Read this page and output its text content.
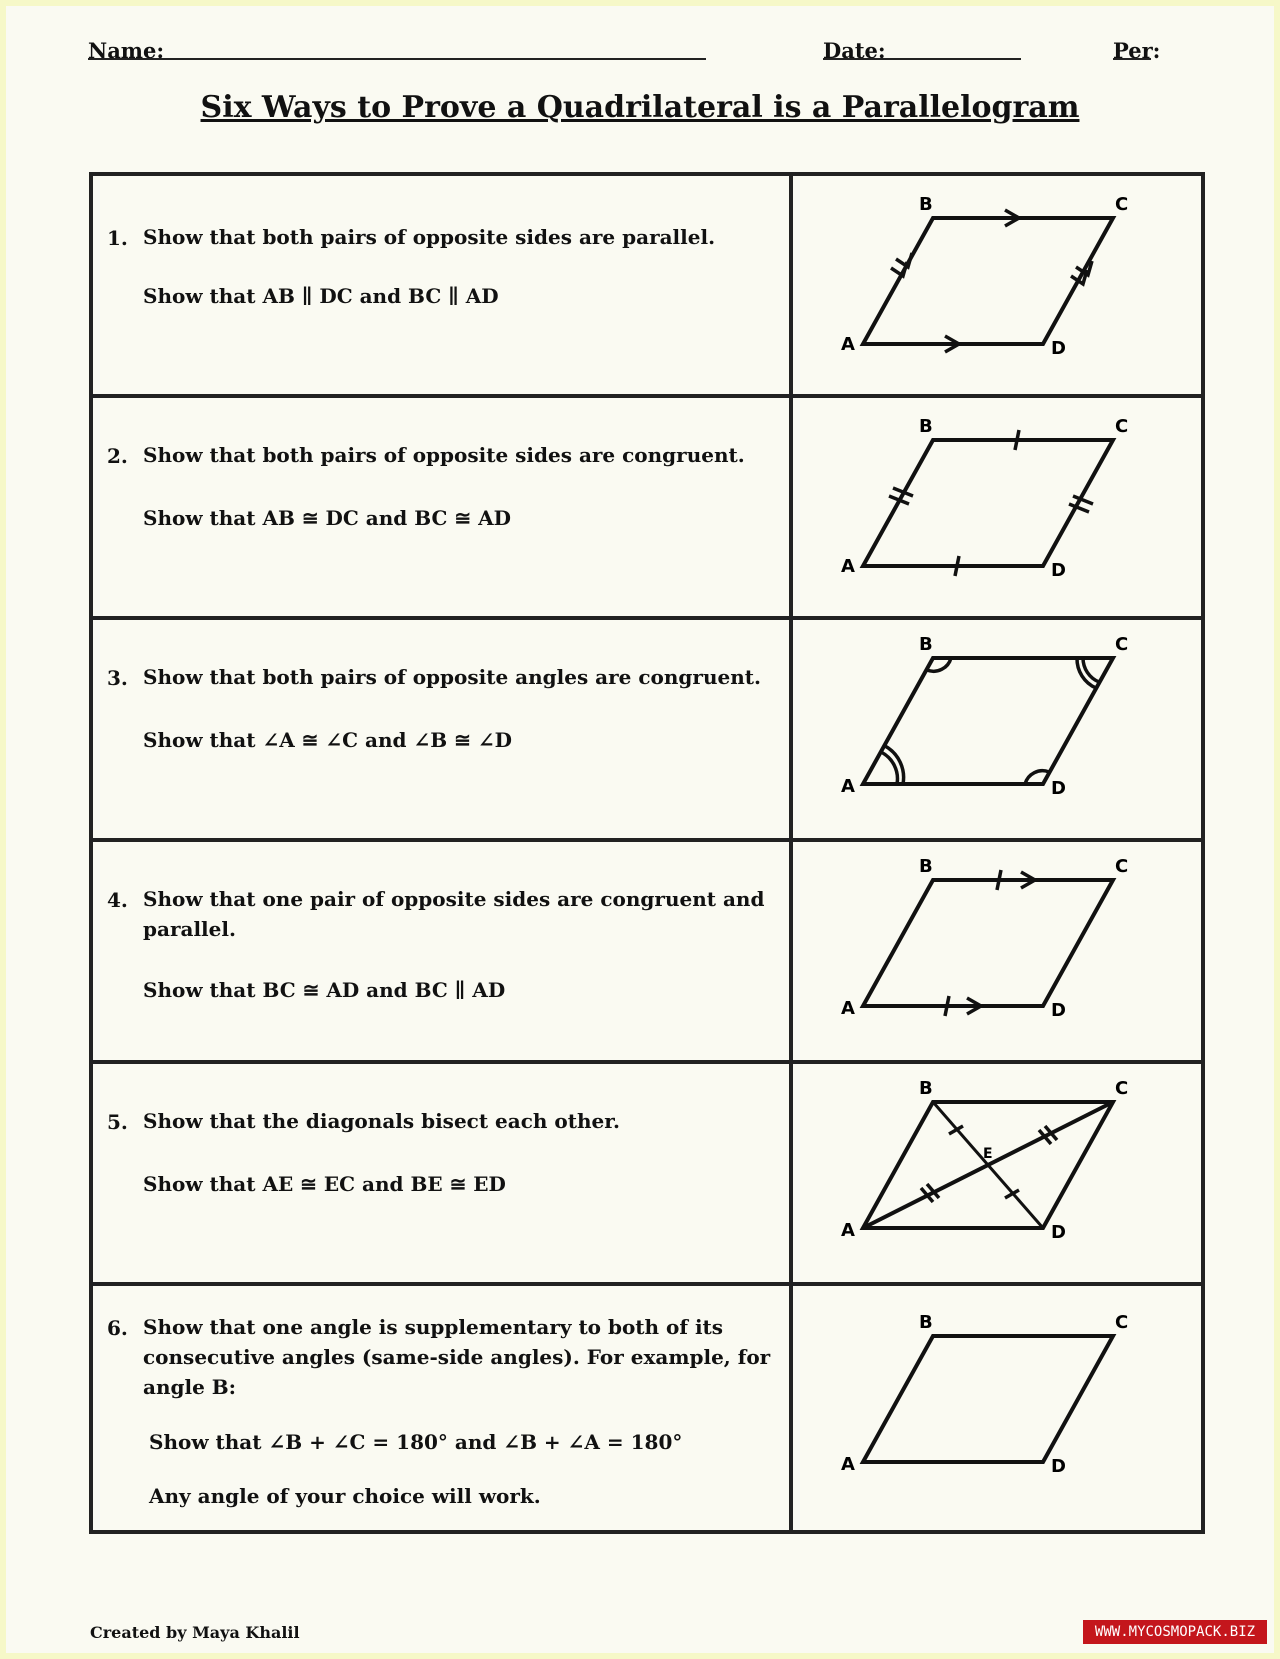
Name:	Date:	Per:
Six Ways to Prove a Quadrilateral is a Parallelogram
1. Show that both pairs of opposite sides are parallel.
Show that AB ∥ DC and BC ∥ AD
B	C
A	D
2. Show that both pairs of opposite sides are congruent.
Show that AB ≅ DC and BC ≅ AD
B	C
A	D
3. Show that both pairs of opposite angles are congruent.
Show that ∠A ≅ ∠C and ∠B ≅ ∠D
B	C
A	D
4. Show that one pair of opposite sides are congruent and parallel.
Show that BC ≅ AD and BC ∥ AD
B	C
A	D
5. Show that the diagonals bisect each other.
Show that AE ≅ EC and BE ≅ ED
E
B	C
A	D
6. Show that one angle is supplementary to both of its consecutive angles (same-side angles). For example, for angle B:
Show that ∠B + ∠C = 180° and ∠B + ∠A = 180°
Any angle of your choice will work.
B	C
A	D
Created by Maya Khalil	WWW.MYCOSMOPACK.BIZ
